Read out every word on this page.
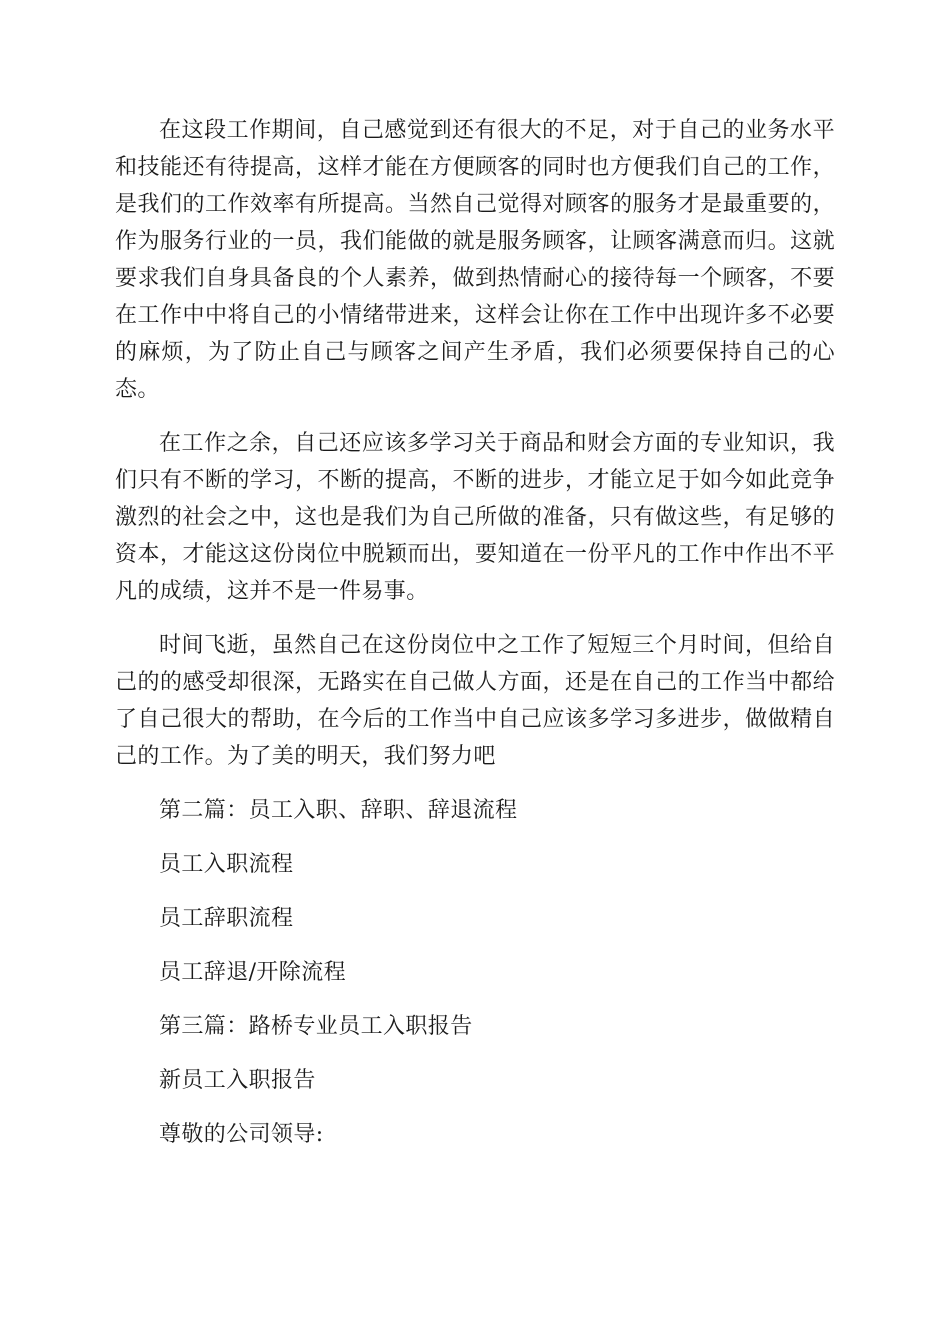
在这段工作期间，自己感觉到还有很大的不足，对于自己的业务水平和技能还有待提高，这样才能在方便顾客的同时也方便我们自己的工作，是我们的工作效率有所提高。当然自己觉得对顾客的服务才是最重要的，作为服务行业的一员，我们能做的就是服务顾客，让顾客满意而归。这就要求我们自身具备良的个人素养，做到热情耐心的接待每一个顾客，不要在工作中中将自己的小情绪带进来，这样会让你在工作中出现许多不必要的麻烦，为了防止自己与顾客之间产生矛盾，我们必须要保持自己的心态。

在工作之余，自己还应该多学习关于商品和财会方面的专业知识，我们只有不断的学习，不断的提高，不断的进步，才能立足于如今如此竞争激烈的社会之中，这也是我们为自己所做的准备，只有做这些，有足够的资本，才能这这份岗位中脱颖而出，要知道在一份平凡的工作中作出不平凡的成绩，这并不是一件易事。

时间飞逝，虽然自己在这份岗位中之工作了短短三个月时间，但给自己的的感受却很深，无路实在自己做人方面，还是在自己的工作当中都给了自己很大的帮助，在今后的工作当中自己应该多学习多进步，做做精自己的工作。为了美的明天，我们努力吧

第二篇：员工入职、辞职、辞退流程

员工入职流程

员工辞职流程

员工辞退/开除流程

第三篇：路桥专业员工入职报告

新员工入职报告

尊敬的公司领导:
